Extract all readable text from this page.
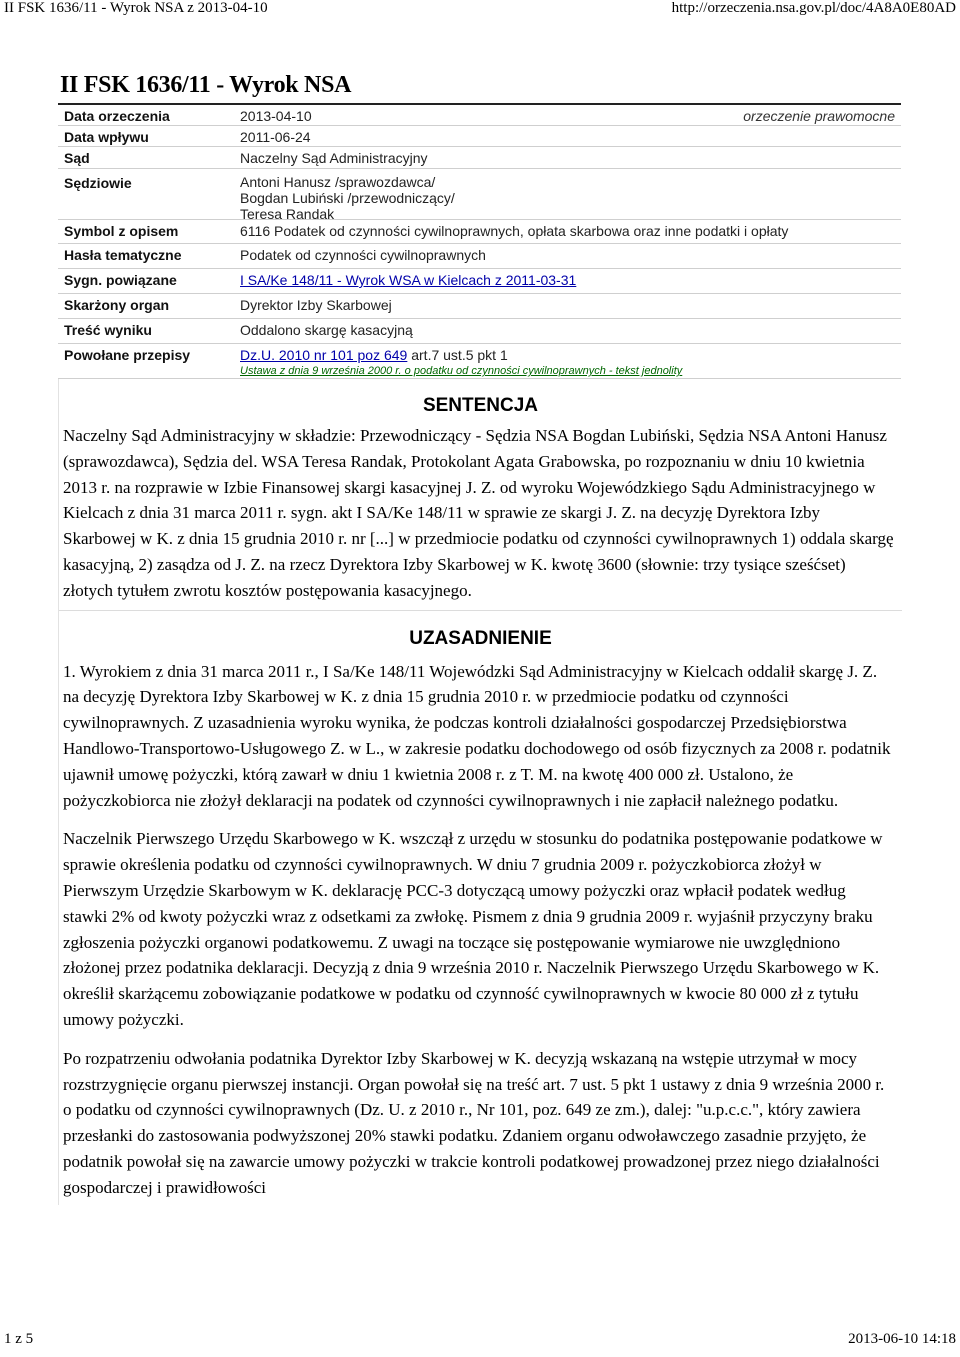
II FSK 1636/11 - Wyrok NSA z 2013-04-10	http://orzeczenia.nsa.gov.pl/doc/4A8A0E80AD
II FSK 1636/11 - Wyrok NSA
Data orzeczenia	2013-04-10	orzeczenie prawomocne
Data wpływu	2011-06-24
Sąd	Naczelny Sąd Administracyjny
Sędziowie	Antoni Hanusz /sprawozdawca/
Bogdan Lubiński /przewodniczący/
Teresa Randak
Symbol z opisem	6116 Podatek od czynności cywilnoprawnych, opłata skarbowa oraz inne podatki i opłaty
Hasła tematyczne	Podatek od czynności cywilnoprawnych
Sygn. powiązane	I SA/Ke 148/11 - Wyrok WSA w Kielcach z 2011-03-31
Skarżony organ	Dyrektor Izby Skarbowej
Treść wyniku	Oddalono skargę kasacyjną
Powołane przepisy	Dz.U. 2010 nr 101 poz 649 art.7 ust.5 pkt 1
Ustawa z dnia 9 września 2000 r. o podatku od czynności cywilnoprawnych - tekst jednolity
SENTENCJA

Naczelny Sąd Administracyjny w składzie: Przewodniczący - Sędzia NSA Bogdan Lubiński, Sędzia NSA Antoni Hanusz (sprawozdawca), Sędzia del. WSA Teresa Randak, Protokolant Agata Grabowska, po rozpoznaniu w dniu 10 kwietnia 2013 r. na rozprawie w Izbie Finansowej skargi kasacyjnej J. Z. od wyroku Wojewódzkiego Sądu Administracyjnego w Kielcach z dnia 31 marca 2011 r. sygn. akt I SA/Ke 148/11 w sprawie ze skargi J. Z. na decyzję Dyrektora Izby Skarbowej w K. z dnia 15 grudnia 2010 r. nr [...] w przedmiocie podatku od czynności cywilnoprawnych 1) oddala skargę kasacyjną, 2) zasądza od J. Z. na rzecz Dyrektora Izby Skarbowej w K. kwotę 3600 (słownie: trzy tysiące sześćset) złotych tytułem zwrotu kosztów postępowania kasacyjnego.

UZASADNIENIE

1. Wyrokiem z dnia 31 marca 2011 r., I Sa/Ke 148/11 Wojewódzki Sąd Administracyjny w Kielcach oddalił skargę J. Z. na decyzję Dyrektora Izby Skarbowej w K. z dnia 15 grudnia 2010 r. w przedmiocie podatku od czynności cywilnoprawnych. Z uzasadnienia wyroku wynika, że podczas kontroli działalności gospodarczej Przedsiębiorstwa Handlowo-Transportowo-Usługowego Z. w L., w zakresie podatku dochodowego od osób fizycznych za 2008 r. podatnik ujawnił umowę pożyczki, którą zawarł w dniu 1 kwietnia 2008 r. z T. M. na kwotę 400 000 zł. Ustalono, że pożyczkobiorca nie złożył deklaracji na podatek od czynności cywilnoprawnych i nie zapłacił należnego podatku.

Naczelnik Pierwszego Urzędu Skarbowego w K. wszczął z urzędu w stosunku do podatnika postępowanie podatkowe w sprawie określenia podatku od czynności cywilnoprawnych. W dniu 7 grudnia 2009 r. pożyczkobiorca złożył w Pierwszym Urzędzie Skarbowym w K. deklarację PCC-3 dotyczącą umowy pożyczki oraz wpłacił podatek według stawki 2% od kwoty pożyczki wraz z odsetkami za zwłokę. Pismem z dnia 9 grudnia 2009 r. wyjaśnił przyczyny braku zgłoszenia pożyczki organowi podatkowemu. Z uwagi na toczące się postępowanie wymiarowe nie uwzględniono złożonej przez podatnika deklaracji. Decyzją z dnia 9 września 2010 r. Naczelnik Pierwszego Urzędu Skarbowego w K. określił skarżącemu zobowiązanie podatkowe w podatku od czynność cywilnoprawnych w kwocie 80 000 zł z tytułu umowy pożyczki.

Po rozpatrzeniu odwołania podatnika Dyrektor Izby Skarbowej w K. decyzją wskazaną na wstępie utrzymał w mocy rozstrzygnięcie organu pierwszej instancji. Organ powołał się na treść art. 7 ust. 5 pkt 1 ustawy z dnia 9 września 2000 r. o podatku od czynności cywilnoprawnych (Dz. U. z 2010 r., Nr 101, poz. 649 ze zm.), dalej: "u.p.c.c.", który zawiera przesłanki do zastosowania podwyższonej 20% stawki podatku. Zdaniem organu odwoławczego zasadnie przyjęto, że podatnik powołał się na zawarcie umowy pożyczki w trakcie kontroli podatkowej prowadzonej przez niego działalności gospodarczej i prawidłowości

1 z 5	2013-06-10 14:18
